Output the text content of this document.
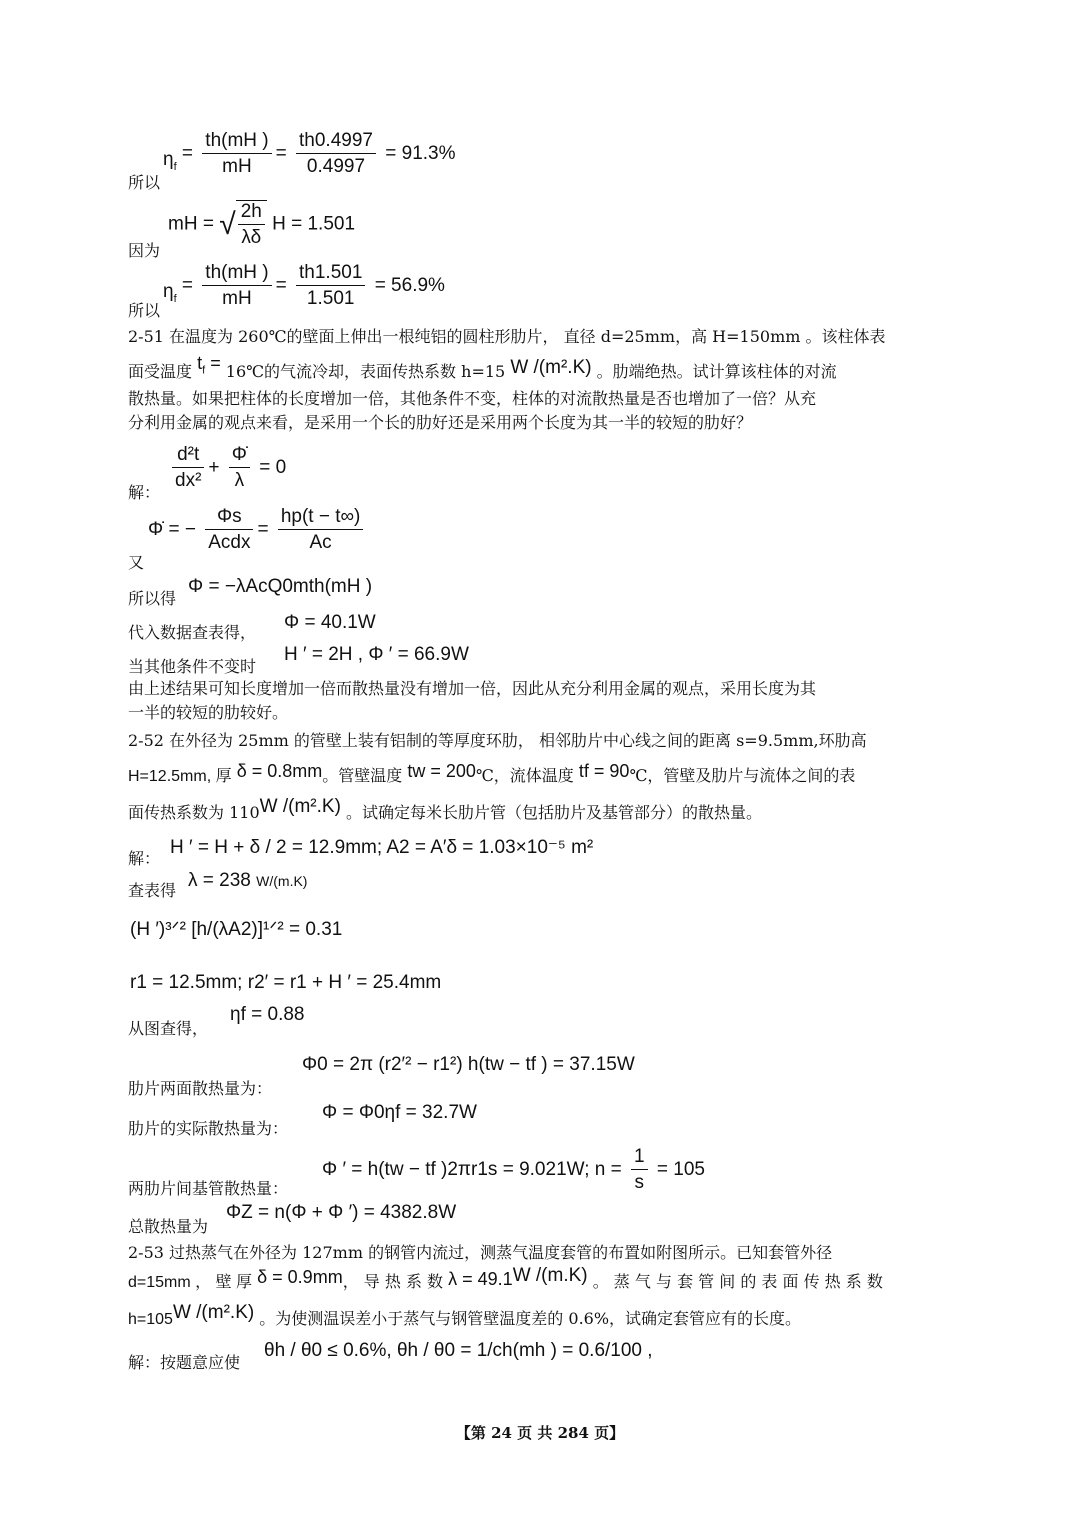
$\eta_f = \frac{th(mH )}{mH} = \frac{th0.4997}{0.4997} = 91.3\%$
所以
mH = √ $\frac{2h}{\lambda\delta}$ H = 1.501
因为
$\eta_f = \frac{th(mH )}{mH} = \frac{th1.501}{1.501} = 56.9\%$
所以
2-51 在温度为 260℃的壁面上伸出一根纯铝的圆柱形肋片， 直径 d=25mm，高 H=150mm 。该柱体表
面受温度 $t_f$ = 16℃的气流冷却，表面传热系数 h=15 W /(m².K) 。肋端绝热。试计算该柱体的对流
散热量。如果把柱体的长度增加一倍，其他条件不变，柱体的对流散热量是否也增加了一倍？从充
分利用金属的观点来看，是采用一个长的肋好还是采用两个长度为其一半的较短的肋好？
$\frac{\text{d²t}}{\text{dx²}} + \frac{\Phi̇}{\lambda} = 0$
解：
Φ̇ = − $\frac{\Phi s}{\text{Acdx}} = \frac{hp(t - t\infty)}{Ac}$
又
所以得
Φ = −λAcQ0mth(mH )
代入数据查表得， Φ = 40.1W
当其他条件不变时
H ′ = 2H , Φ ′ = 66.9W
由上述结果可知长度增加一倍而散热量没有增加一倍，因此从充分利用金属的观点，采用长度为其
一半的较短的肋较好。
2-52 在外径为 25mm 的管壁上装有铝制的等厚度环肋， 相邻肋片中心线之间的距离 s=9.5mm,环肋高
H=12.5mm, 厚 δ = 0.8mm。管壁温度 tw = 200℃，流体温度 tf = 90℃，管壁及肋片与流体之间的表
面传热系数为 110W /(m².K) 。试确定每米长肋片管（包括肋片及基管部分）的散热量。
解：
H ′ = H + δ / 2 = 12.9mm; A2 = A′δ = 1.03×10⁻⁵ m²
查表得 λ = 238 W/(m.K)
(H ′)³ᐟ² [h/(λA2)]¹ᐟ² = 0.31
r1 = 12.5mm; r2′ = r1 + H ′ = 25.4mm
从图查得，
ηf = 0.88
肋片两面散热量为：
Φ0 = 2π (r2′² − r1²) h(tw − tf ) = 37.15W
肋片的实际散热量为：
Φ = Φ0ηf = 32.7W
两肋片间基管散热量：
Φ ′ = h(tw − tf )2πr1s = 9.021W; $n = \frac{1}{s} = 105$
总散热量为
ΦZ = n(Φ + Φ ′) = 4382.8W
2-53 过热蒸气在外径为 127mm 的钢管内流过，测蒸气温度套管的布置如附图所示。已知套管外径
d=15mm ， 壁 厚 δ = 0.9mm， 导 热 系 数 λ = 49.1W /(m.K) 。 蒸 气 与 套 管 间 的 表 面 传 热 系 数
h=105W /(m².K) 。为使测温误差小于蒸气与钢管壁温度差的 0.6%，试确定套管应有的长度。
解：按题意应使
θh / θ0 ≤ 0.6%, θh / θ0 = 1/ch(mh ) = 0.6/100 ,
【第 24 页 共 284 页】
